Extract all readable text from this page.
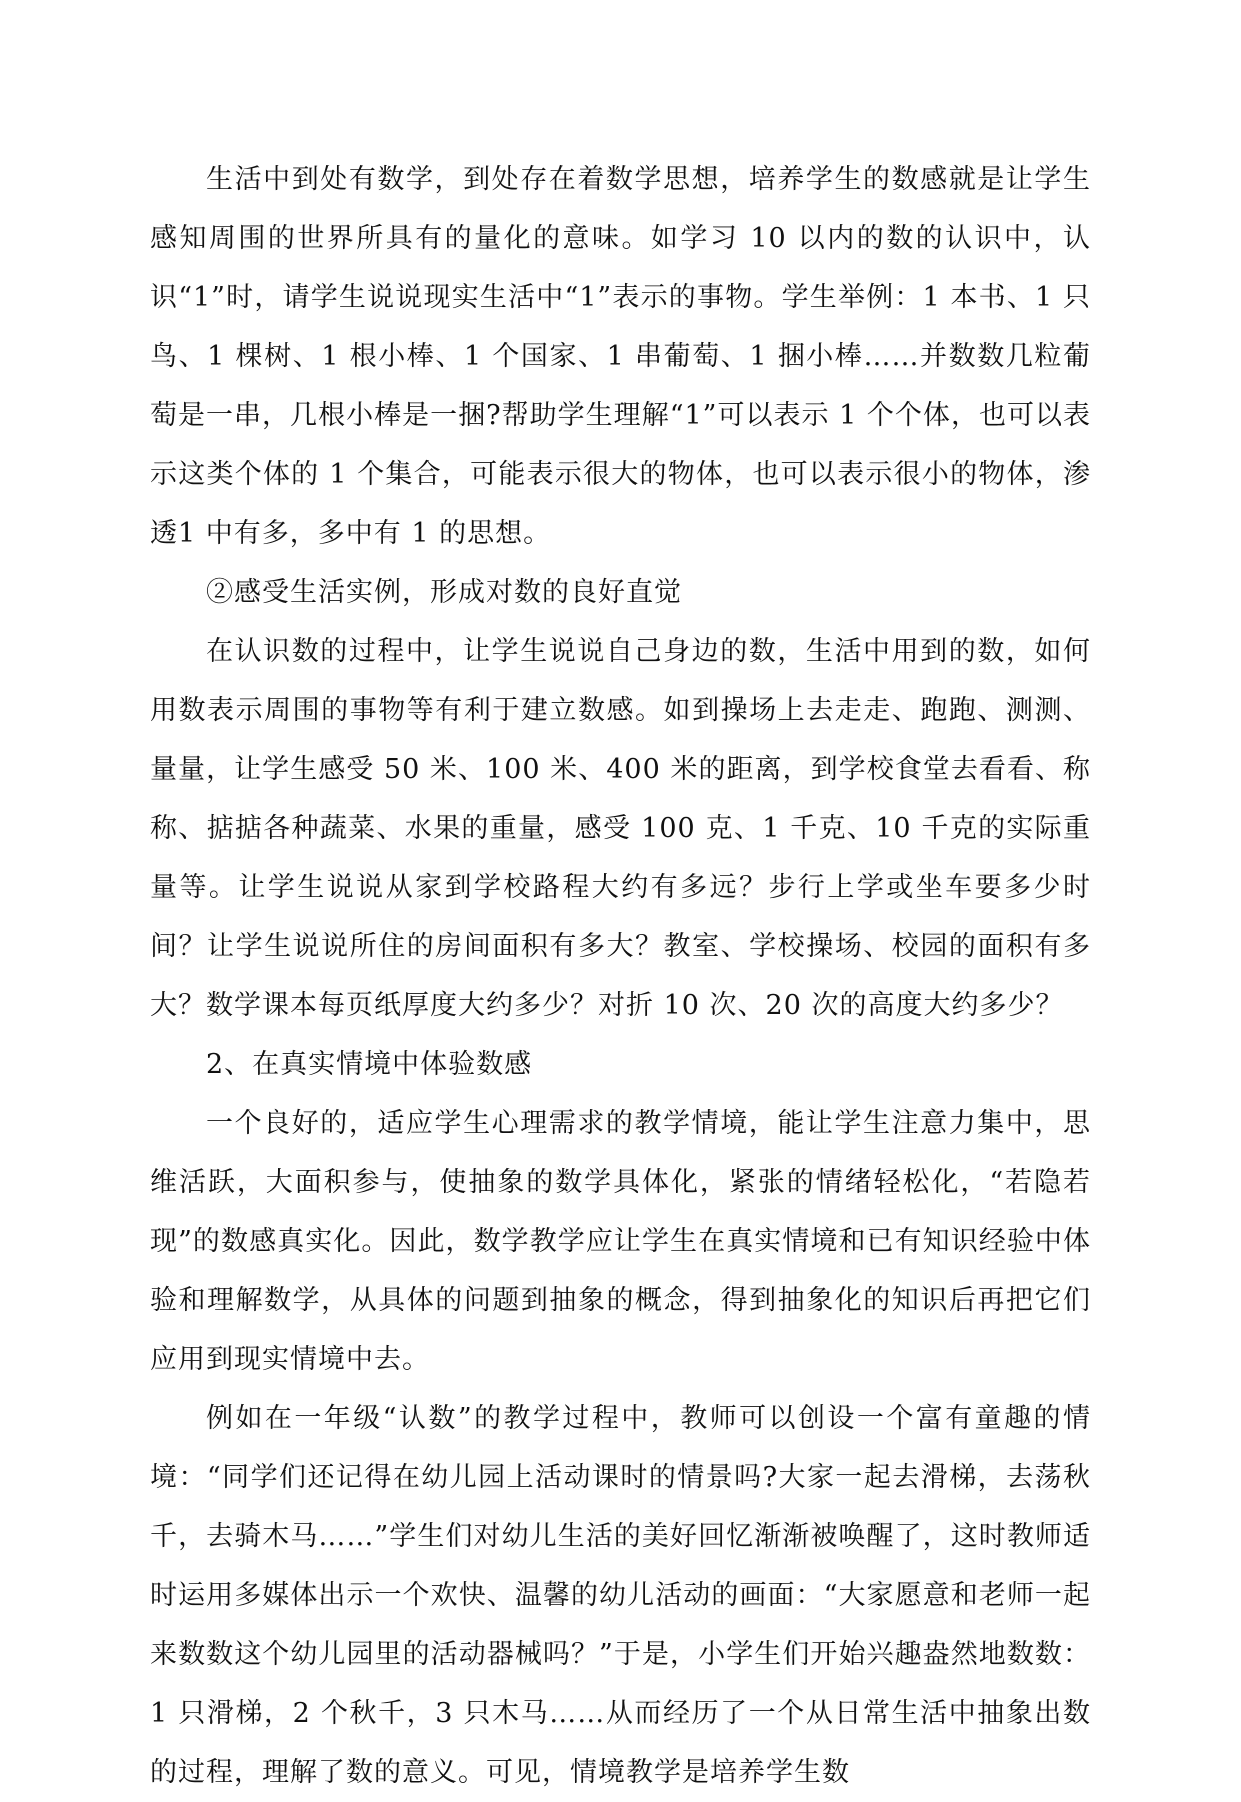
生活中到处有数学，到处存在着数学思想，培养学生的数感就是让学生感知周围的世界所具有的量化的意味。如学习 10 以内的数的认识中，认识“1”时，请学生说说现实生活中“1”表示的事物。学生举例：1 本书、1 只鸟、1 棵树、1 根小棒、1 个国家、1 串葡萄、1 捆小棒……并数数几粒葡萄是一串，几根小棒是一捆?帮助学生理解“1”可以表示 1 个个体，也可以表示这类个体的 1 个集合，可能表示很大的物体，也可以表示很小的物体，渗透1 中有多，多中有 1 的思想。

②感受生活实例，形成对数的良好直觉

在认识数的过程中，让学生说说自己身边的数，生活中用到的数，如何用数表示周围的事物等有利于建立数感。如到操场上去走走、跑跑、测测、量量，让学生感受 50 米、100 米、400 米的距离，到学校食堂去看看、称称、掂掂各种蔬菜、水果的重量，感受 100 克、1 千克、10 千克的实际重量等。让学生说说从家到学校路程大约有多远？步行上学或坐车要多少时间？让学生说说所住的房间面积有多大？教室、学校操场、校园的面积有多大？数学课本每页纸厚度大约多少？对折 10 次、20 次的高度大约多少？

2、在真实情境中体验数感

一个良好的，适应学生心理需求的教学情境，能让学生注意力集中，思维活跃，大面积参与，使抽象的数学具体化，紧张的情绪轻松化，“若隐若现”的数感真实化。因此，数学教学应让学生在真实情境和已有知识经验中体验和理解数学，从具体的问题到抽象的概念，得到抽象化的知识后再把它们应用到现实情境中去。

例如在一年级“认数”的教学过程中，教师可以创设一个富有童趣的情境：“同学们还记得在幼儿园上活动课时的情景吗?大家一起去滑梯，去荡秋千，去骑木马……”学生们对幼儿生活的美好回忆渐渐被唤醒了，这时教师适时运用多媒体出示一个欢快、温馨的幼儿活动的画面：“大家愿意和老师一起来数数这个幼儿园里的活动器械吗？”于是，小学生们开始兴趣盎然地数数：1 只滑梯，2 个秋千，3 只木马……从而经历了一个从日常生活中抽象出数的过程，理解了数的意义。可见，情境教学是培养学生数
